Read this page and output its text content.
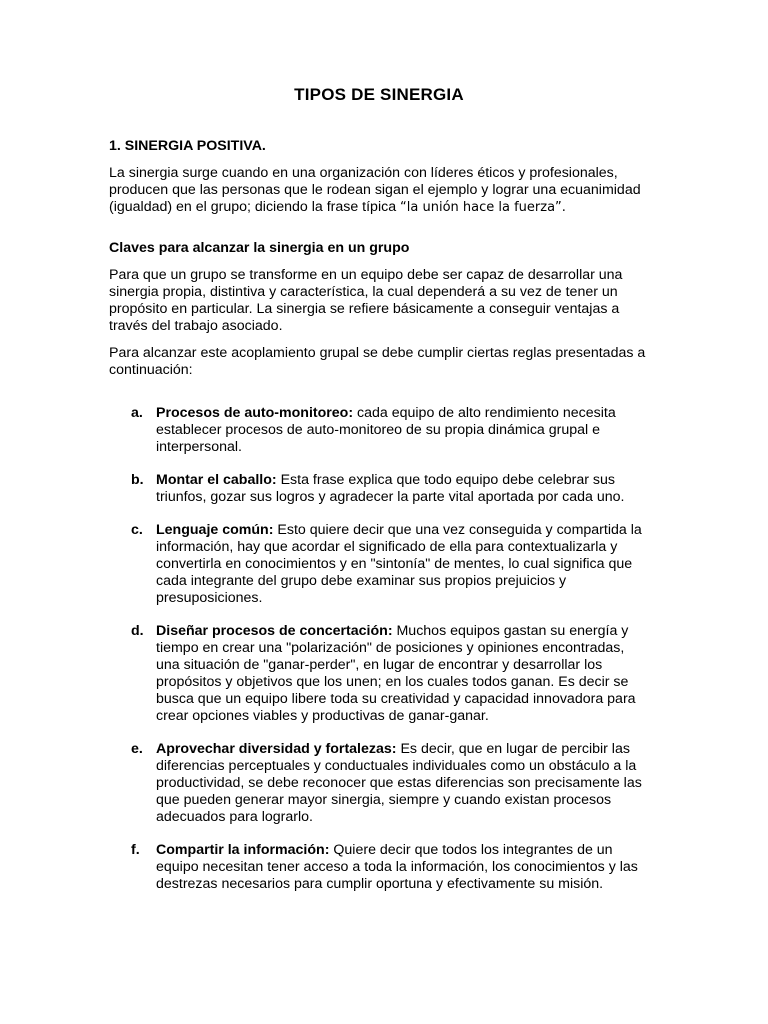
TIPOS DE SINERGIA
1. SINERGIA POSITIVA.

La sinergia surge cuando en una organización con líderes éticos y profesionales, producen que las personas que le rodean sigan el ejemplo y lograr una ecuanimidad (igualdad) en el grupo; diciendo la frase típica “la unión hace la fuerza”.

Claves para alcanzar la sinergia en un grupo

Para que un grupo se transforme en un equipo debe ser capaz de desarrollar una sinergia propia, distintiva y característica, la cual dependerá a su vez de tener un propósito en particular. La sinergia se refiere básicamente a conseguir ventajas a través del trabajo asociado.

Para alcanzar este acoplamiento grupal se debe cumplir ciertas reglas presentadas a continuación:

a. Procesos de auto-monitoreo: cada equipo de alto rendimiento necesita establecer procesos de auto-monitoreo de su propia dinámica grupal e interpersonal.
b. Montar el caballo: Esta frase explica que todo equipo debe celebrar sus triunfos, gozar sus logros y agradecer la parte vital aportada por cada uno.
c. Lenguaje común: Esto quiere decir que una vez conseguida y compartida la información, hay que acordar el significado de ella para contextualizarla y convertirla en conocimientos y en "sintonía" de mentes, lo cual significa que cada integrante del grupo debe examinar sus propios prejuicios y presuposiciones.
d. Diseñar procesos de concertación: Muchos equipos gastan su energía y tiempo en crear una "polarización" de posiciones y opiniones encontradas, una situación de "ganar-perder", en lugar de encontrar y desarrollar los propósitos y objetivos que los unen; en los cuales todos ganan. Es decir se busca que un equipo libere toda su creatividad y capacidad innovadora para crear opciones viables y productivas de ganar-ganar.
e. Aprovechar diversidad y fortalezas: Es decir, que en lugar de percibir las diferencias perceptuales y conductuales individuales como un obstáculo a la productividad, se debe reconocer que estas diferencias son precisamente las que pueden generar mayor sinergia, siempre y cuando existan procesos adecuados para lograrlo.
f. Compartir la información: Quiere decir que todos los integrantes de un equipo necesitan tener acceso a toda la información, los conocimientos y las destrezas necesarios para cumplir oportuna y efectivamente su misión.
